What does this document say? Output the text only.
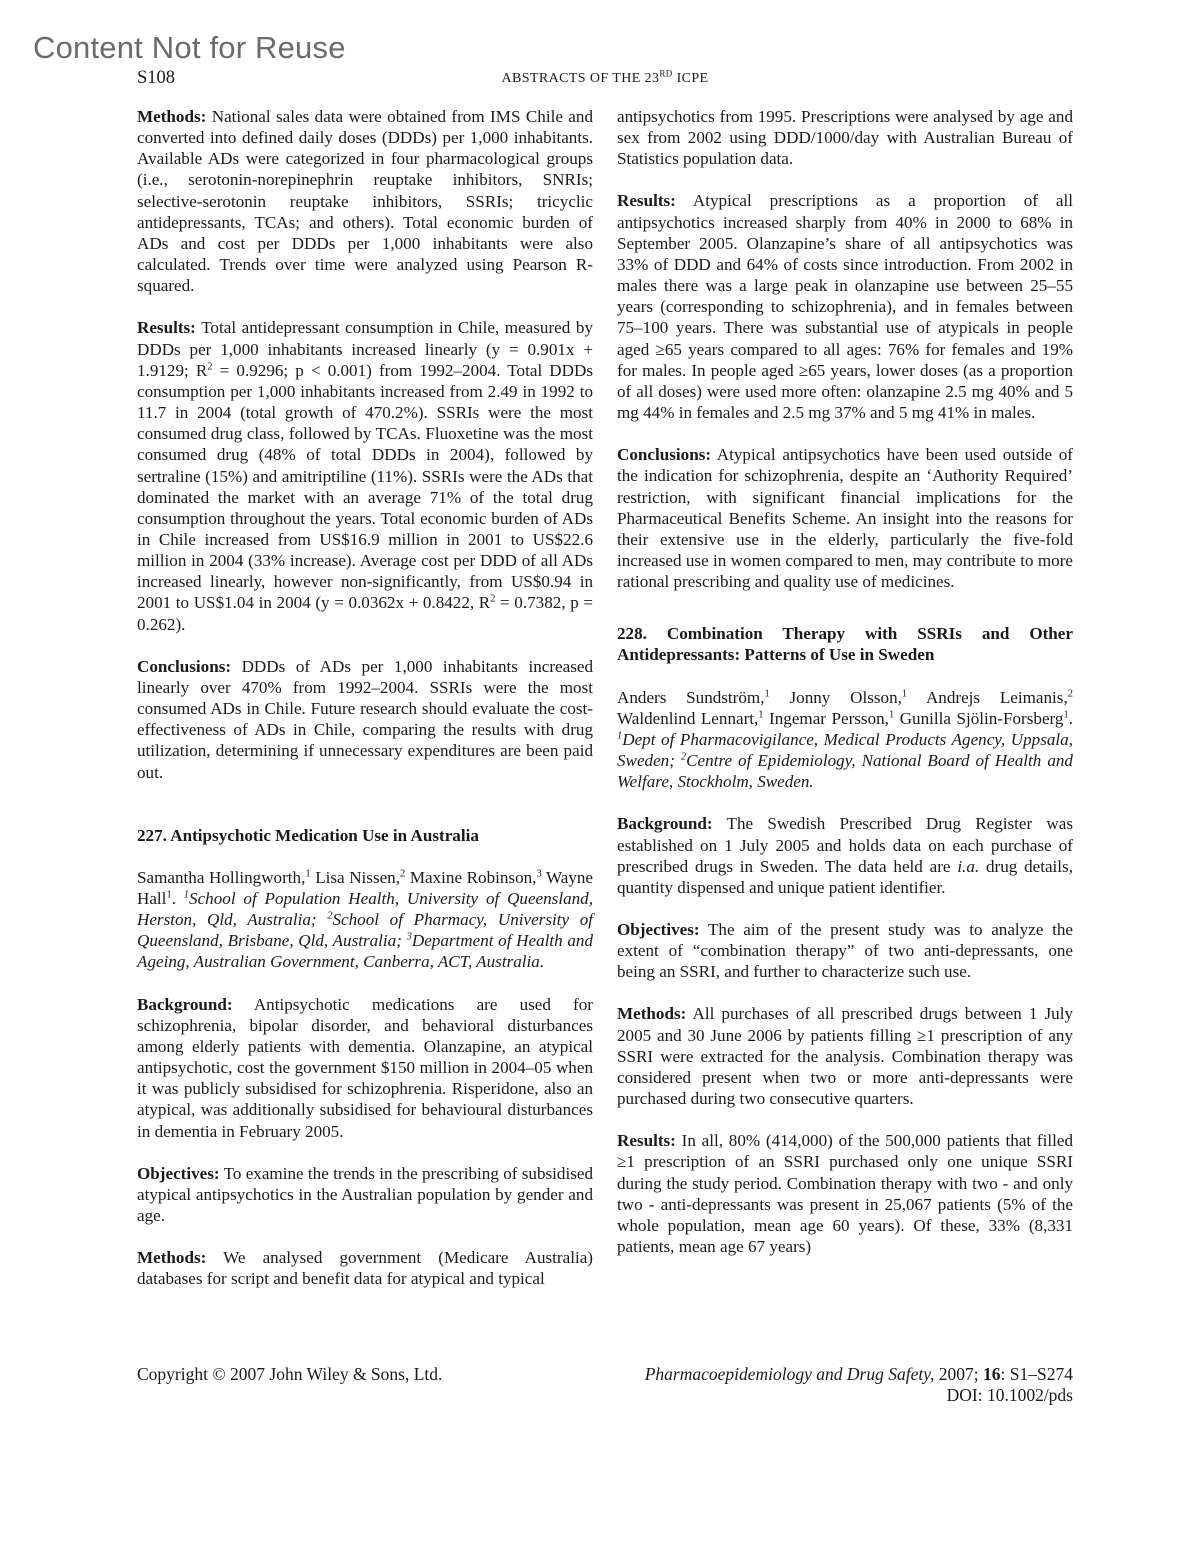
Content Not for Reuse
S108	ABSTRACTS OF THE 23RD ICPE

Methods: National sales data were obtained from IMS Chile and converted into defined daily doses (DDDs) per 1,000 inhabitants. Available ADs were categorized in four pharmacological groups (i.e., serotonin-norepinephrin reuptake inhibitors, SNRIs; selective-serotonin reuptake inhibitors, SSRIs; tricyclic antidepressants, TCAs; and others). Total economic burden of ADs and cost per DDDs per 1,000 inhabitants were also calculated. Trends over time were analyzed using Pearson R-squared.

Results: Total antidepressant consumption in Chile, measured by DDDs per 1,000 inhabitants increased linearly (y = 0.901x + 1.9129; $R^2 = 0.9296$; p < 0.001) from 1992–2004. Total DDDs consumption per 1,000 inhabitants increased from 2.49 in 1992 to 11.7 in 2004 (total growth of 470.2%). SSRIs were the most consumed drug class, followed by TCAs. Fluoxetine was the most consumed drug (48% of total DDDs in 2004), followed by sertraline (15%) and amitriptiline (11%). SSRIs were the ADs that dominated the market with an average 71% of the total drug consumption throughout the years. Total economic burden of ADs in Chile increased from US$16.9 million in 2001 to US$22.6 million in 2004 (33% increase). Average cost per DDD of all ADs increased linearly, however non-significantly, from US$0.94 in 2001 to US$1.04 in 2004 (y = 0.0362x + 0.8422, $R^2 = 0.7382$, p = 0.262).

Conclusions: DDDs of ADs per 1,000 inhabitants increased linearly over 470% from 1992–2004. SSRIs were the most consumed ADs in Chile. Future research should evaluate the cost-effectiveness of ADs in Chile, comparing the results with drug utilization, determining if unnecessary expenditures are been paid out.

227. Antipsychotic Medication Use in Australia
Samantha Hollingworth,$^1$ Lisa Nissen,$^2$ Maxine Robinson,$^3$ Wayne Hall$^1$. $^1$School of Population Health, University of Queensland, Herston, Qld, Australia; $^2$School of Pharmacy, University of Queensland, Brisbane, Qld, Australia; $^3$Department of Health and Ageing, Australian Government, Canberra, ACT, Australia.

Background: Antipsychotic medications are used for schizophrenia, bipolar disorder, and behavioral disturbances among elderly patients with dementia. Olanzapine, an atypical antipsychotic, cost the government $150 million in 2004–05 when it was publicly subsidised for schizophrenia. Risperidone, also an atypical, was additionally subsidised for behavioural disturbances in dementia in February 2005.

Objectives: To examine the trends in the prescribing of subsidised atypical antipsychotics in the Australian population by gender and age.

Methods: We analysed government (Medicare Australia) databases for script and benefit data for atypical and typical

antipsychotics from 1995. Prescriptions were analysed by age and sex from 2002 using DDD/1000/day with Australian Bureau of Statistics population data.

Results: Atypical prescriptions as a proportion of all antipsychotics increased sharply from 40% in 2000 to 68% in September 2005. Olanzapine’s share of all antipsychotics was 33% of DDD and 64% of costs since introduction. From 2002 in males there was a large peak in olanzapine use between 25–55 years (corresponding to schizophrenia), and in females between 75–100 years. There was substantial use of atypicals in people aged ≥65 years compared to all ages: 76% for females and 19% for males. In people aged ≥65 years, lower doses (as a proportion of all doses) were used more often: olanzapine 2.5 mg 40% and 5 mg 44% in females and 2.5 mg 37% and 5 mg 41% in males.

Conclusions: Atypical antipsychotics have been used outside of the indication for schizophrenia, despite an ‘Authority Required’ restriction, with significant financial implications for the Pharmaceutical Benefits Scheme. An insight into the reasons for their extensive use in the elderly, particularly the five-fold increased use in women compared to men, may contribute to more rational prescribing and quality use of medicines.

228. Combination Therapy with SSRIs and Other Antidepressants: Patterns of Use in Sweden
Anders Sundström,$^1$ Jonny Olsson,$^1$ Andrejs Leimanis,$^2$ Waldenlind Lennart,$^1$ Ingemar Persson,$^1$ Gunilla Sjölin-Forsberg$^1$. $^1$Dept of Pharmacovigilance, Medical Products Agency, Uppsala, Sweden; $^2$Centre of Epidemiology, National Board of Health and Welfare, Stockholm, Sweden.

Background: The Swedish Prescribed Drug Register was established on 1 July 2005 and holds data on each purchase of prescribed drugs in Sweden. The data held are i.a. drug details, quantity dispensed and unique patient identifier.

Objectives: The aim of the present study was to analyze the extent of “combination therapy” of two anti-depressants, one being an SSRI, and further to characterize such use.

Methods: All purchases of all prescribed drugs between 1 July 2005 and 30 June 2006 by patients filling ≥1 prescription of any SSRI were extracted for the analysis. Combination therapy was considered present when two or more anti-depressants were purchased during two consecutive quarters.

Results: In all, 80% (414,000) of the 500,000 patients that filled ≥1 prescription of an SSRI purchased only one unique SSRI during the study period. Combination therapy with two - and only two - anti-depressants was present in 25,067 patients (5% of the whole population, mean age 60 years). Of these, 33% (8,331 patients, mean age 67 years)

Copyright © 2007 John Wiley & Sons, Ltd.	Pharmacoepidemiology and Drug Safety, 2007; 16: S1–S274
DOI: 10.1002/pds
